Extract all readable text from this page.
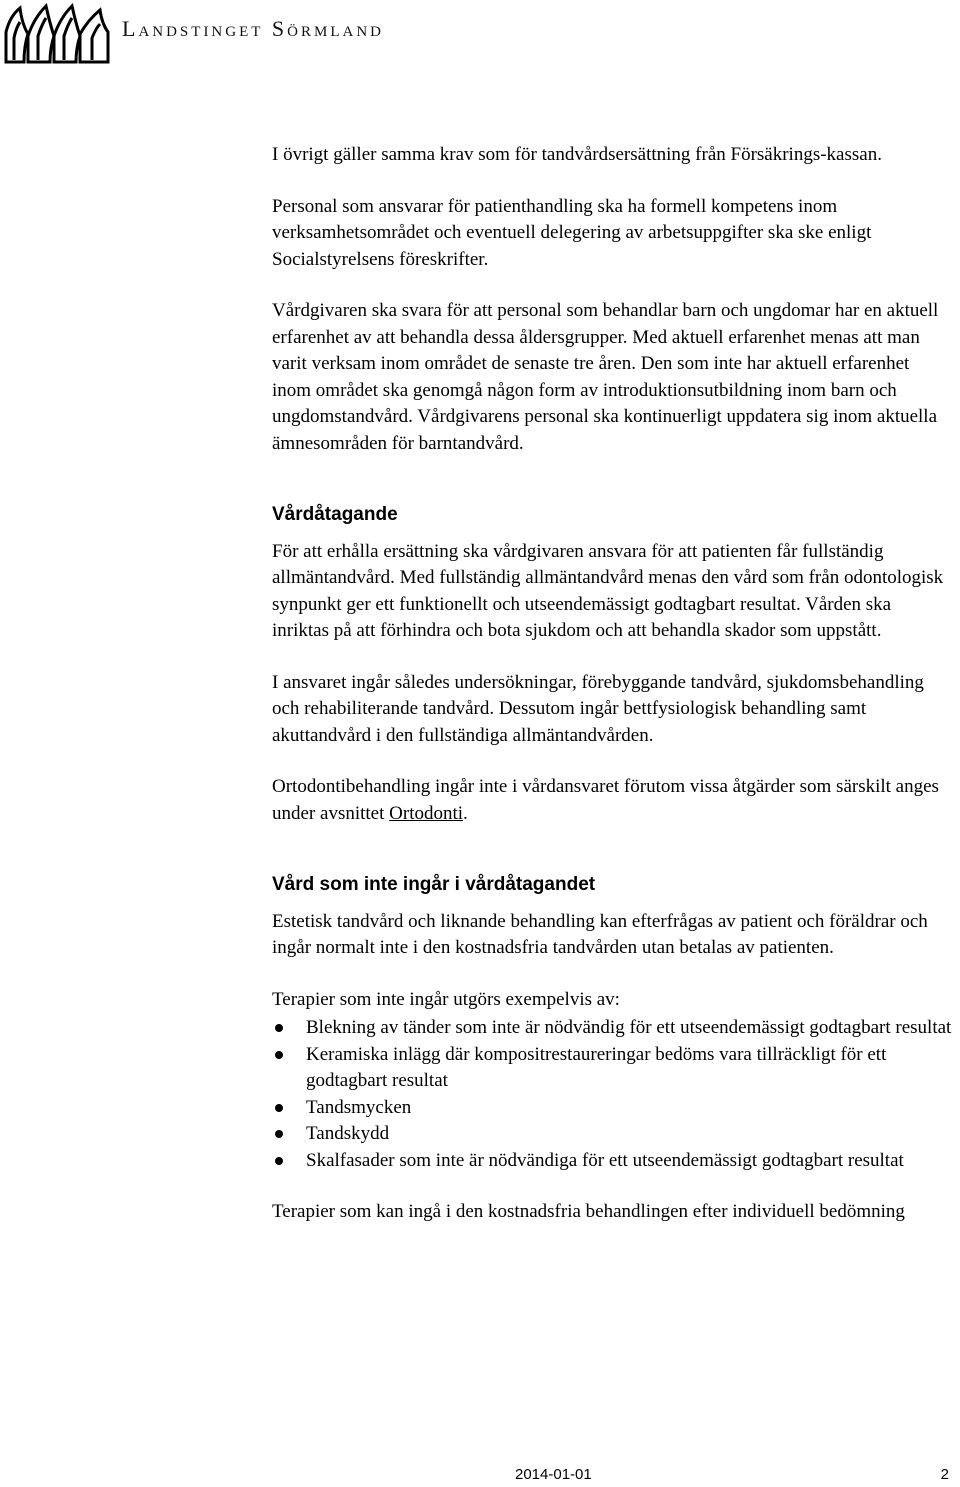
Landstinget Sörmland

I övrigt gäller samma krav som för tandvårdsersättning från Försäkrings-kassan.

Personal som ansvarar för patienthandling ska ha formell kompetens inom verksamhetsområdet och eventuell delegering av arbetsuppgifter ska ske enligt Socialstyrelsens föreskrifter.

Vårdgivaren ska svara för att personal som behandlar barn och ungdomar har en aktuell erfarenhet av att behandla dessa åldersgrupper. Med aktuell erfarenhet menas att man varit verksam inom området de senaste tre åren. Den som inte har aktuell erfarenhet inom området ska genomgå någon form av introduktionsutbildning inom barn och ungdomstandvård. Vårdgivarens personal ska kontinuerligt uppdatera sig inom aktuella ämnesområden för barntandvård.

Vårdåtagande

För att erhålla ersättning ska vårdgivaren ansvara för att patienten får fullständig allmäntandvård. Med fullständig allmäntandvård menas den vård som från odontologisk synpunkt ger ett funktionellt och utseendemässigt godtagbart resultat. Vården ska inriktas på att förhindra och bota sjukdom och att behandla skador som uppstått.

I ansvaret ingår således undersökningar, förebyggande tandvård, sjukdomsbehandling och rehabiliterande tandvård. Dessutom ingår bettfysiologisk behandling samt akuttandvård i den fullständiga allmäntandvården.

Ortodontibehandling ingår inte i vårdansvaret förutom vissa åtgärder som särskilt anges under avsnittet Ortodonti.

Vård som inte ingår i vårdåtagandet

Estetisk tandvård och liknande behandling kan efterfrågas av patient och föräldrar och ingår normalt inte i den kostnadsfria tandvården utan betalas av patienten.

Terapier som inte ingår utgörs exempelvis av:

Blekning av tänder som inte är nödvändig för ett utseendemässigt godtagbart resultat
Keramiska inlägg där kompositrestaureringar bedöms vara tillräckligt för ett godtagbart resultat
Tandsmycken
Tandskydd
Skalfasader som inte är nödvändiga för ett utseendemässigt godtagbart resultat

Terapier som kan ingå i den kostnadsfria behandlingen efter individuell bedömning

2014-01-01	2
